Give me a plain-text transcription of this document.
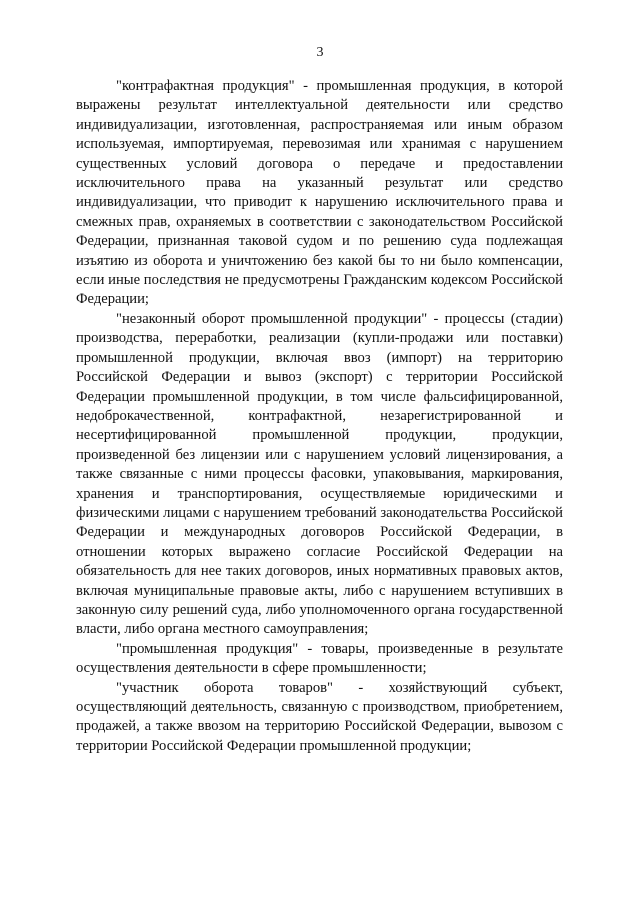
3

"контрафактная продукция" - промышленная продукция, в которой выражены результат интеллектуальной деятельности или средство индивидуализации, изготовленная, распространяемая или иным образом используемая, импортируемая, перевозимая или хранимая с нарушением существенных условий договора о передаче и предоставлении исключительного права на указанный результат или средство индивидуализации, что приводит к нарушению исключительного права и смежных прав, охраняемых в соответствии с законодательством Российской Федерации, признанная таковой судом и по решению суда подлежащая изъятию из оборота и уничтожению без какой бы то ни было компенсации, если иные последствия не предусмотрены Гражданским кодексом Российской Федерации;

"незаконный оборот промышленной продукции" - процессы (стадии) производства, переработки, реализации (купли-продажи или поставки) промышленной продукции, включая ввоз (импорт) на территорию Российской Федерации и вывоз (экспорт) с территории Российской Федерации промышленной продукции, в том числе фальсифицированной, недоброкачественной, контрафактной, незарегистрированной и несертифицированной промышленной продукции, продукции, произведенной без лицензии или с нарушением условий лицензирования, а также связанные с ними процессы фасовки, упаковывания, маркирования, хранения и транспортирования, осуществляемые юридическими и физическими лицами с нарушением требований законодательства Российской Федерации и международных договоров Российской Федерации, в отношении которых выражено согласие Российской Федерации на обязательность для нее таких договоров, иных нормативных правовых актов, включая муниципальные правовые акты, либо с нарушением вступивших в законную силу решений суда, либо уполномоченного органа государственной власти, либо органа местного самоуправления;

"промышленная продукция" - товары, произведенные в результате осуществления деятельности в сфере промышленности;

"участник оборота товаров" - хозяйствующий субъект, осуществляющий деятельность, связанную с производством, приобретением, продажей, а также ввозом на территорию Российской Федерации, вывозом с территории Российской Федерации промышленной продукции;
